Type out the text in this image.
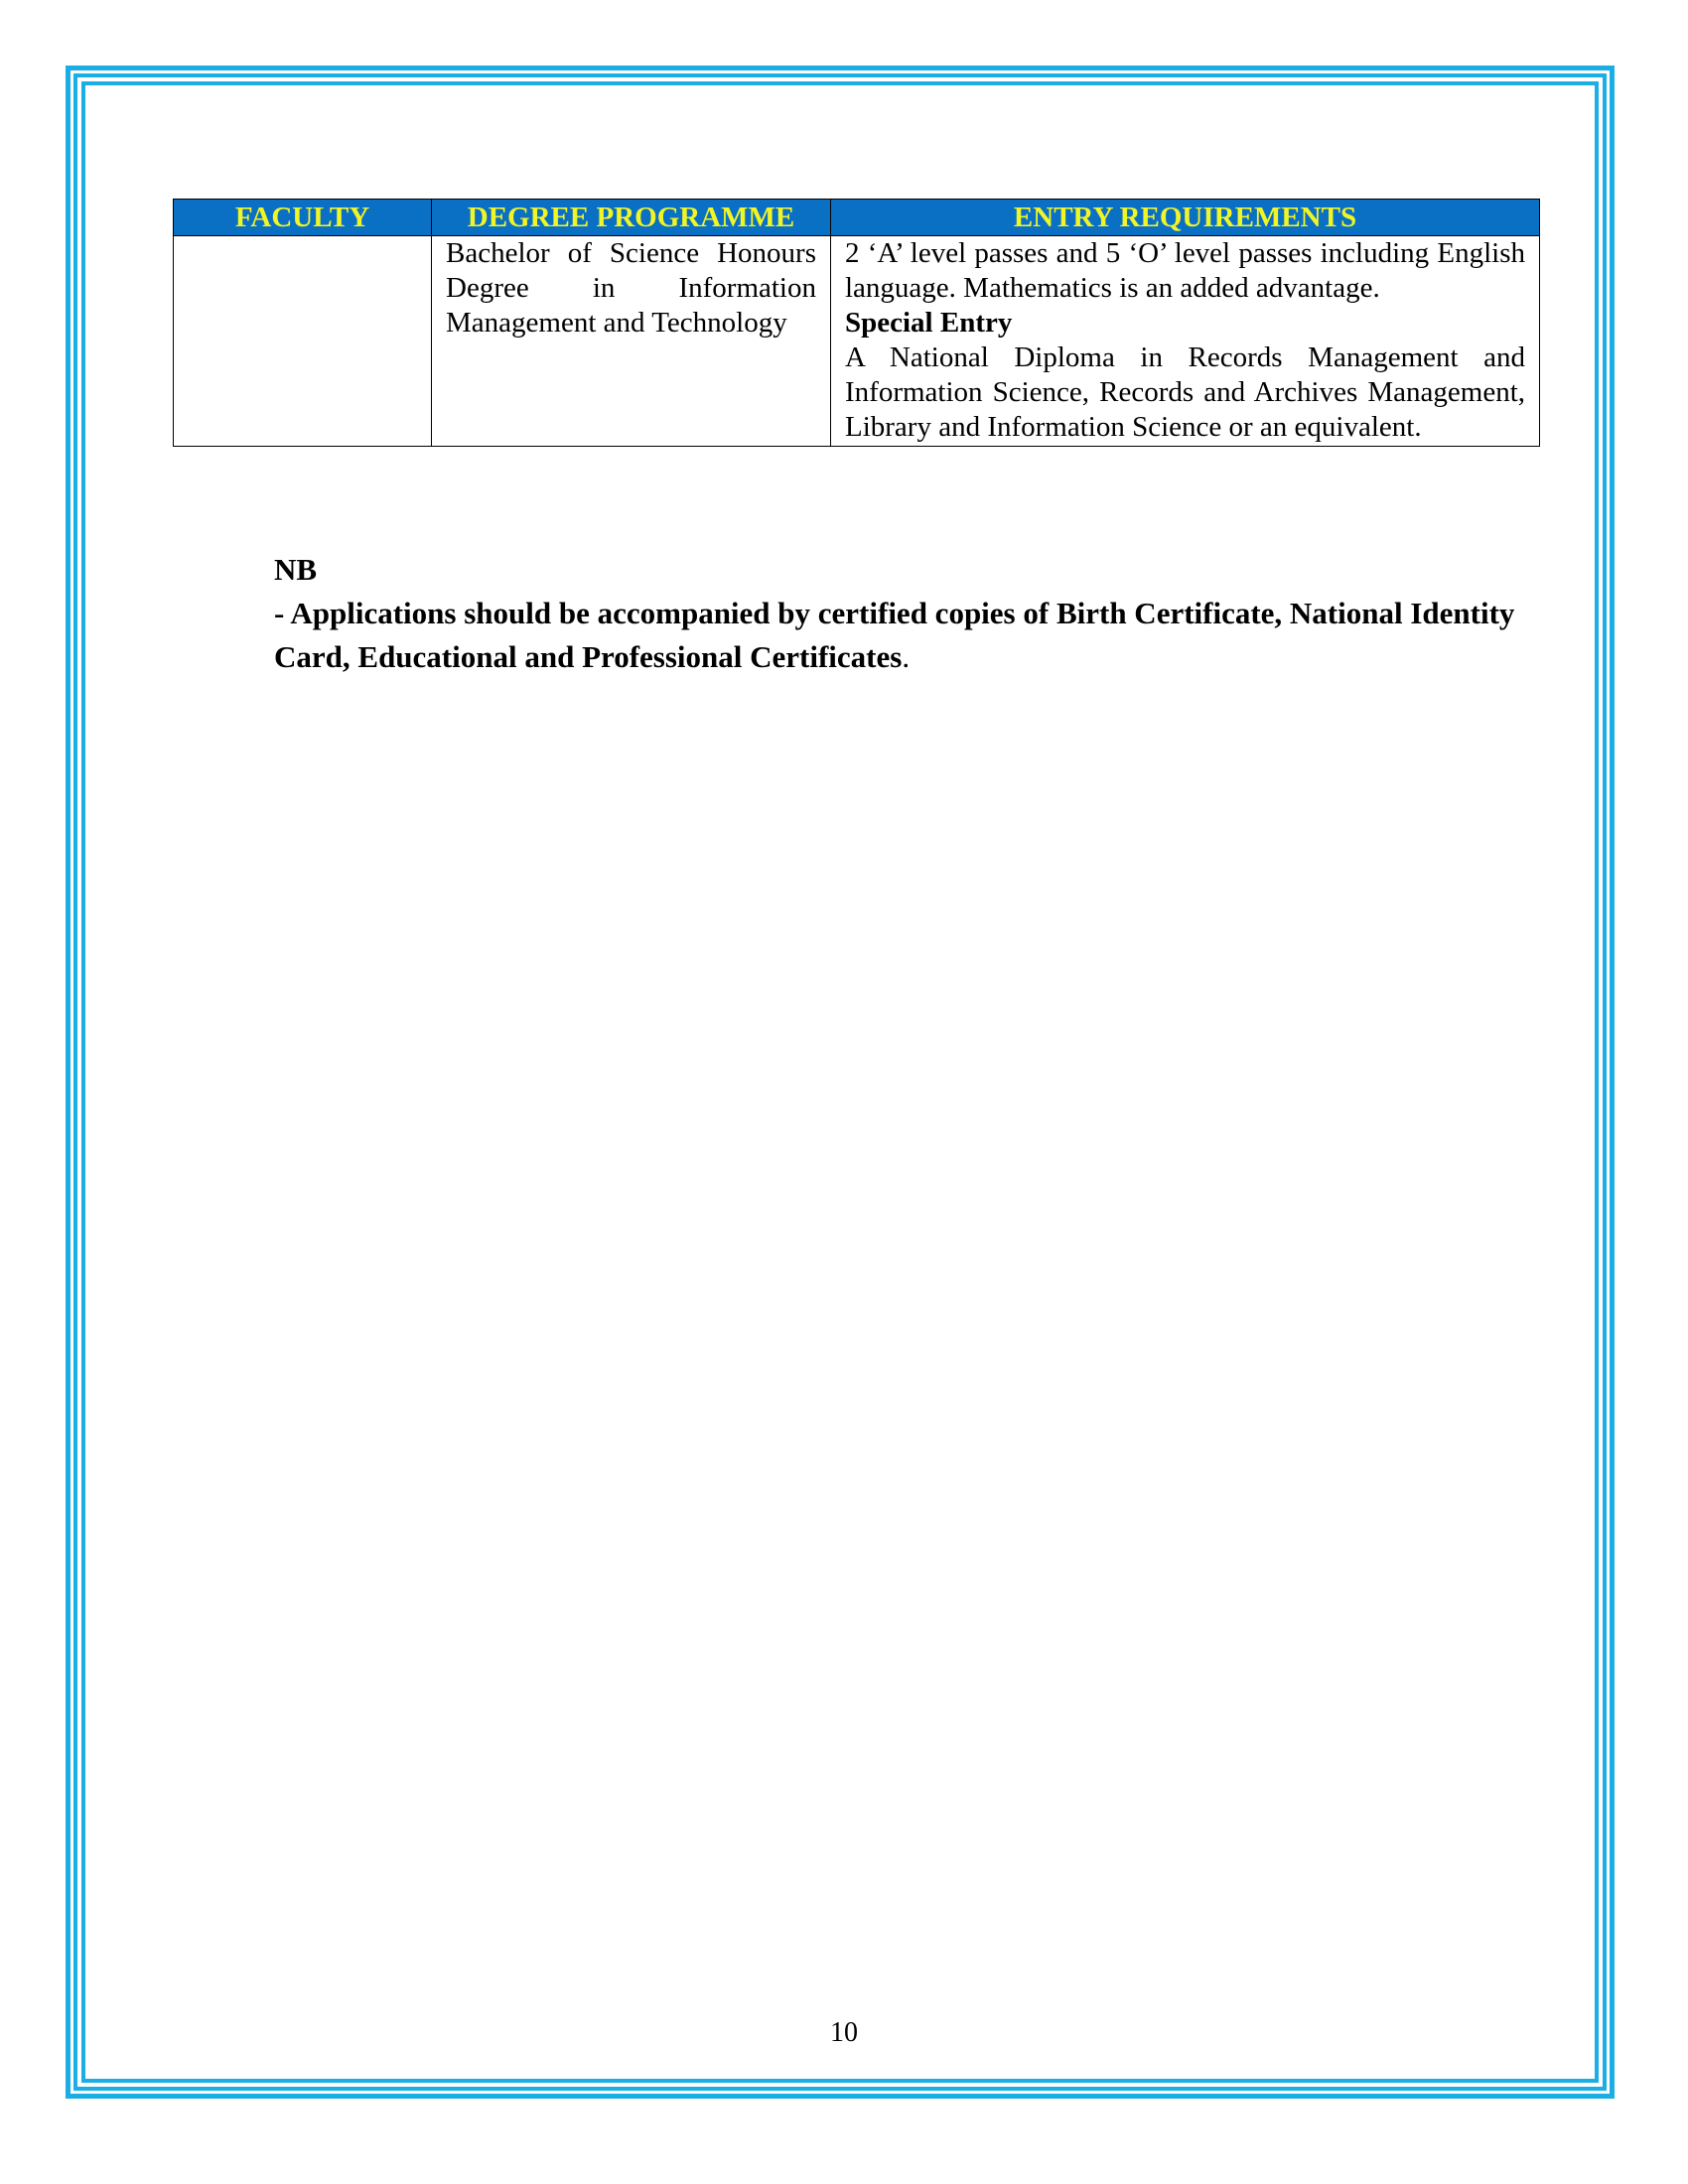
FACULTY	DEGREE PROGRAMME	ENTRY REQUIREMENTS
	Bachelor of Science Honours Degree in Information Management and Technology	2 ‘A’ level passes and 5 ‘O’ level passes including English language. Mathematics is an added advantage.
Special Entry
A National Diploma in Records Management and Information Science, Records and Archives Management, Library and Information Science or an equivalent.
NB
- Applications should be accompanied by certified copies of Birth Certificate, National Identity Card, Educational and Professional Certificates.
10
